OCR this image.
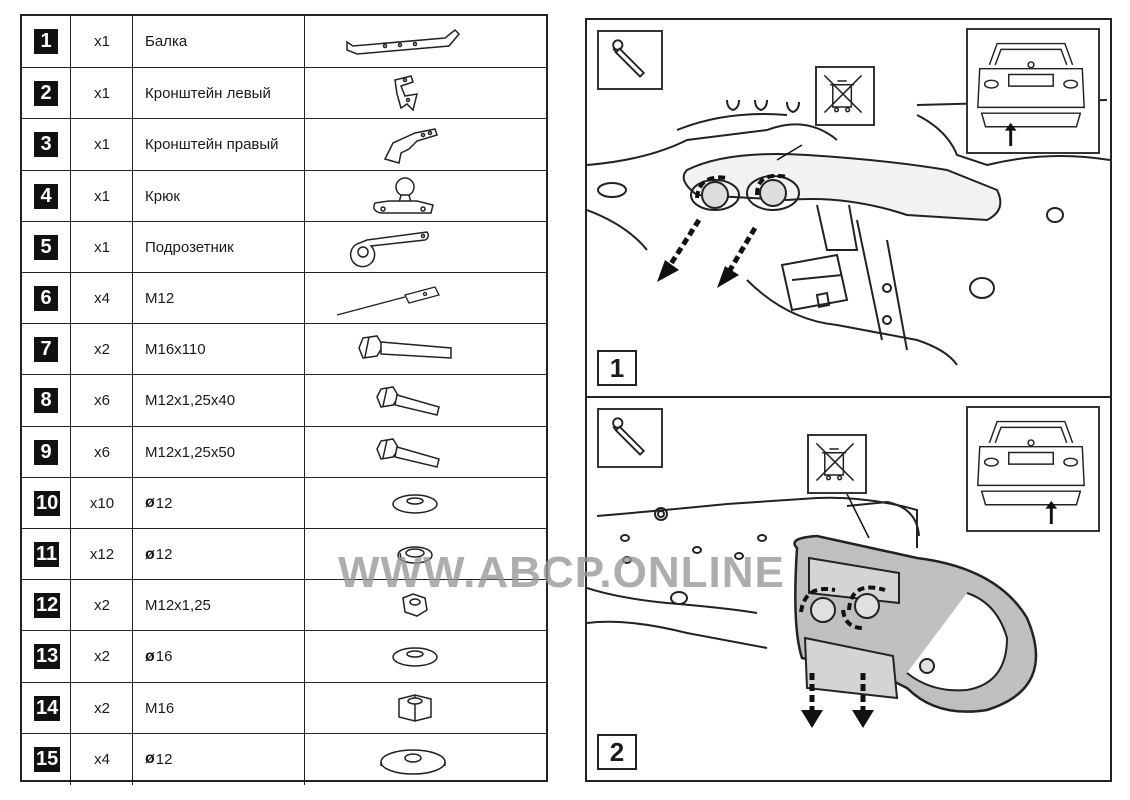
1	x1	Балка
2	x1	Кронштейн левый
3	x1	Кронштейн правый
4	x1	Крюк
5	x1	Подрозетник
6	x4	M12
7	x2	M16x110
8	x6	M12x1,25x40
9	x6	M12x1,25x50
10	x10	ø 12
11	x12	ø 12
12	x2	M12x1,25
13	x2	ø 16
14	x2	M16
15	x4	ø 12
1
2
WWW.ABCP.ONLINE
